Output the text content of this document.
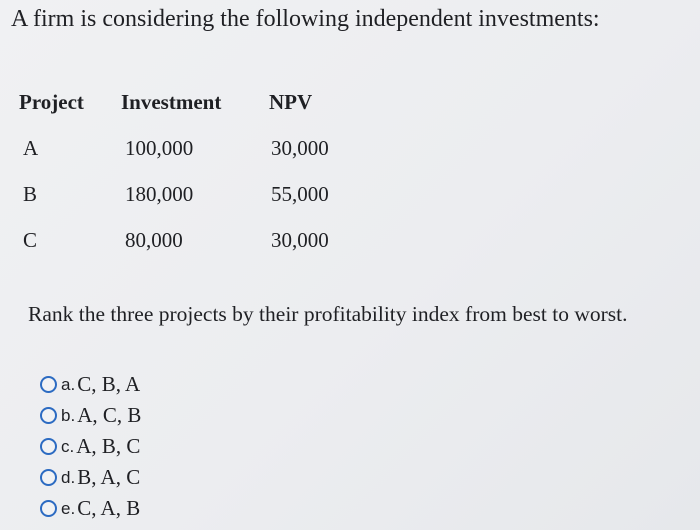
A firm is considering the following independent investments:
Project Investment NPV
A	100,000	30,000
B	180,000	55,000
C	80,000	30,000
Rank the three projects by their profitability index from best to worst.
a. C, B, A
b. A, C, B
c. A, B, C
d. B, A, C
e. C, A, B
